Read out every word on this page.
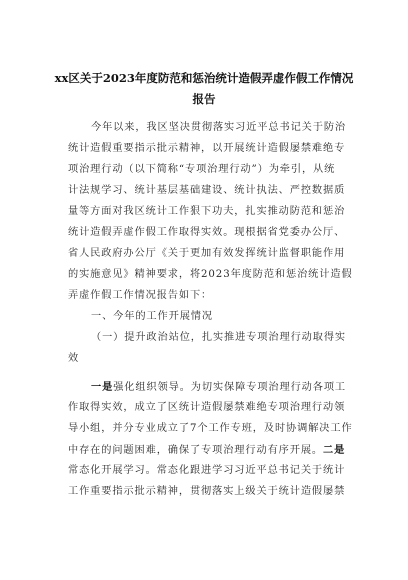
xx区关于2023年度防范和惩治统计造假弄虚作假工作情况
报告
今年以来，我区坚决贯彻落实习近平总书记关于防治
统计造假重要指示批示精神，以开展统计造假屡禁难绝专
项治理行动（以下简称“专项治理行动”）为牵引，从统
计法规学习、统计基层基础建设、统计执法、严控数据质
量等方面对我区统计工作狠下功夫，扎实推动防范和惩治
统计造假弄虚作假工作取得实效。现根据省党委办公厅、
省人民政府办公厅《关于更加有效发挥统计监督职能作用
的实施意见》精神要求，将2023年度防范和惩治统计造假
弄虚作假工作情况报告如下：
一、今年的工作开展情况
（一）提升政治站位，扎实推进专项治理行动取得实
效
一是强化组织领导。为切实保障专项治理行动各项工
作取得实效，成立了区统计造假屡禁难绝专项治理行动领
导小组，并分专业成立了7个工作专班，及时协调解决工作
中存在的问题困难，确保了专项治理行动有序开展。二是
常态化开展学习。常态化跟进学习习近平总书记关于统计
工作重要指示批示精神，贯彻落实上级关于统计造假屡禁
